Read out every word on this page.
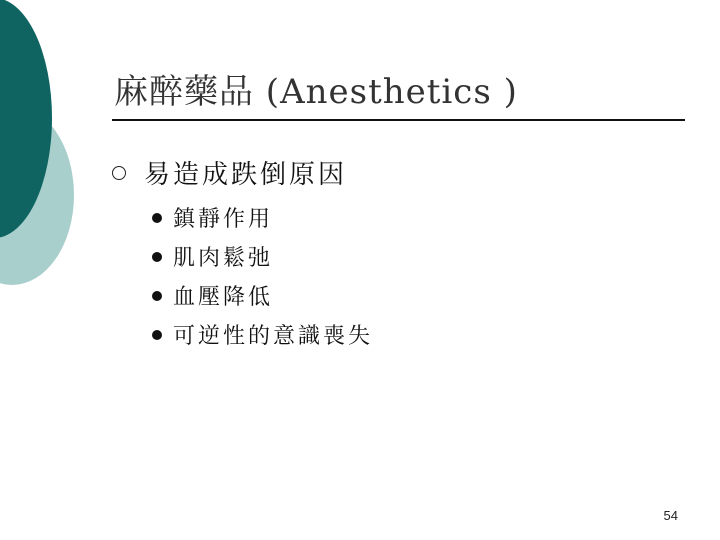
麻醉藥品 (Anesthetics )
易造成跌倒原因
鎮靜作用
肌肉鬆弛
血壓降低
可逆性的意識喪失
54
